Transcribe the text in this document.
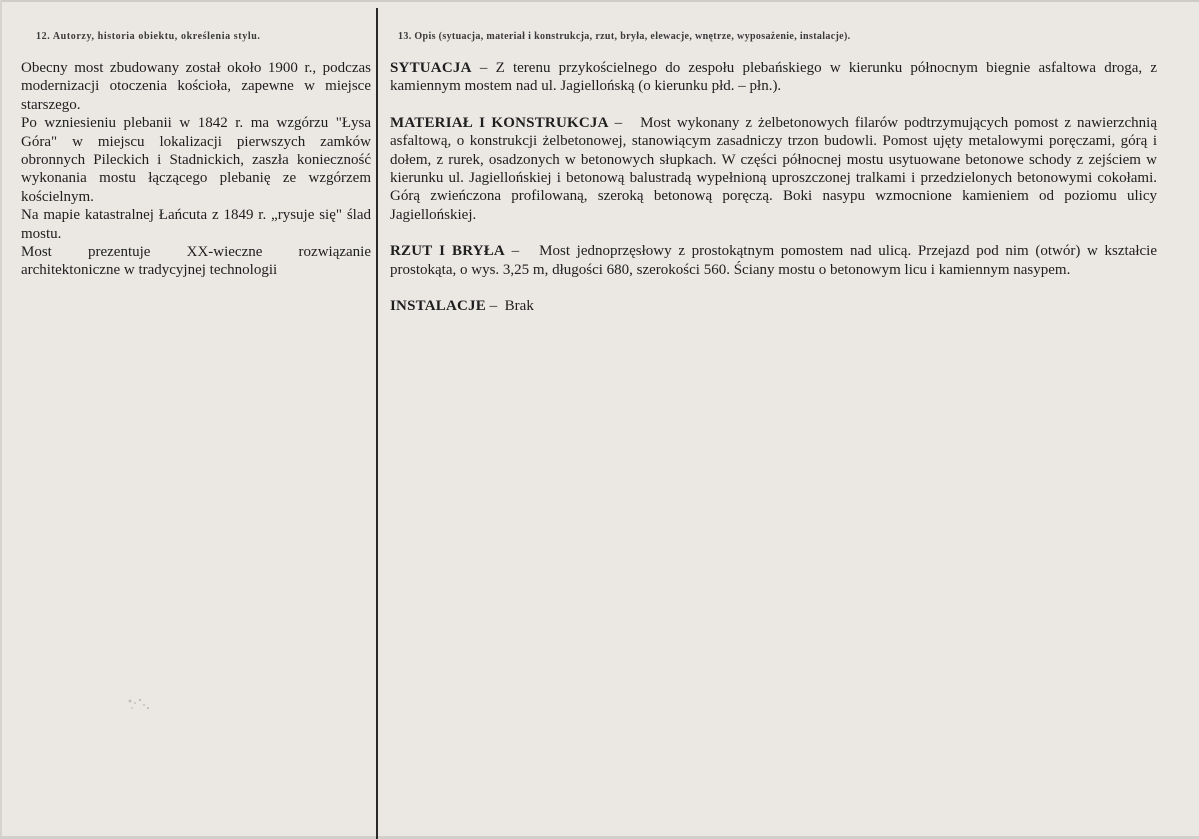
12. Autorzy, historia obiektu, określenia stylu.	13. Opis (sytuacja, materiał i konstrukcja, rzut, bryła, elewacje, wnętrze, wyposażenie, instalacje).

Obecny most zbudowany został około 1900 r., podczas modernizacji otoczenia kościoła, zapewne w miejsce starszego.

Po wzniesieniu plebanii w 1842 r. ma wzgórzu "Łysa Góra" w miejscu lokalizacji pierwszych zamków obronnych Pileckich i Stadnickich, zaszła konieczność wykonania mostu łączącego plebanię ze wzgórzem kościelnym.

Na mapie katastralnej Łańcuta z 1849 r. „rysuje się" ślad mostu.

Most prezentuje XX-wieczne rozwiązanie architektoniczne w tradycyjnej technologii

SYTUACJA – Z terenu przykościelnego do zespołu plebańskiego w kierunku północnym biegnie asfaltowa droga, z kamiennym mostem nad ul. Jagiellońską (o kierunku płd. – płn.).

MATERIAŁ I KONSTRUKCJA –   Most wykonany z żelbetonowych filarów podtrzymujących pomost z nawierzchnią asfaltową, o konstrukcji żelbetonowej, stanowiącym zasadniczy trzon budowli. Pomost ujęty metalowymi poręczami, górą i dołem, z rurek, osadzonych w betonowych słupkach. W części północnej mostu usytuowane betonowe schody z zejściem w kierunku ul. Jagiellońskiej i betonową balustradą wypełnioną uproszczonej tralkami i przedzielonych betonowymi cokołami. Górą zwieńczona profilowaną, szeroką betonową poręczą. Boki nasypu wzmocnione kamieniem od poziomu ulicy Jagiellońskiej.

RZUT I BRYŁA –   Most jednoprzęsłowy z prostokątnym pomostem nad ulicą. Przejazd pod nim (otwór) w kształcie prostokąta, o wys. 3,25 m, długości 680, szerokości 560. Ściany mostu o betonowym licu i kamiennym nasypem.

INSTALACJE –  Brak
